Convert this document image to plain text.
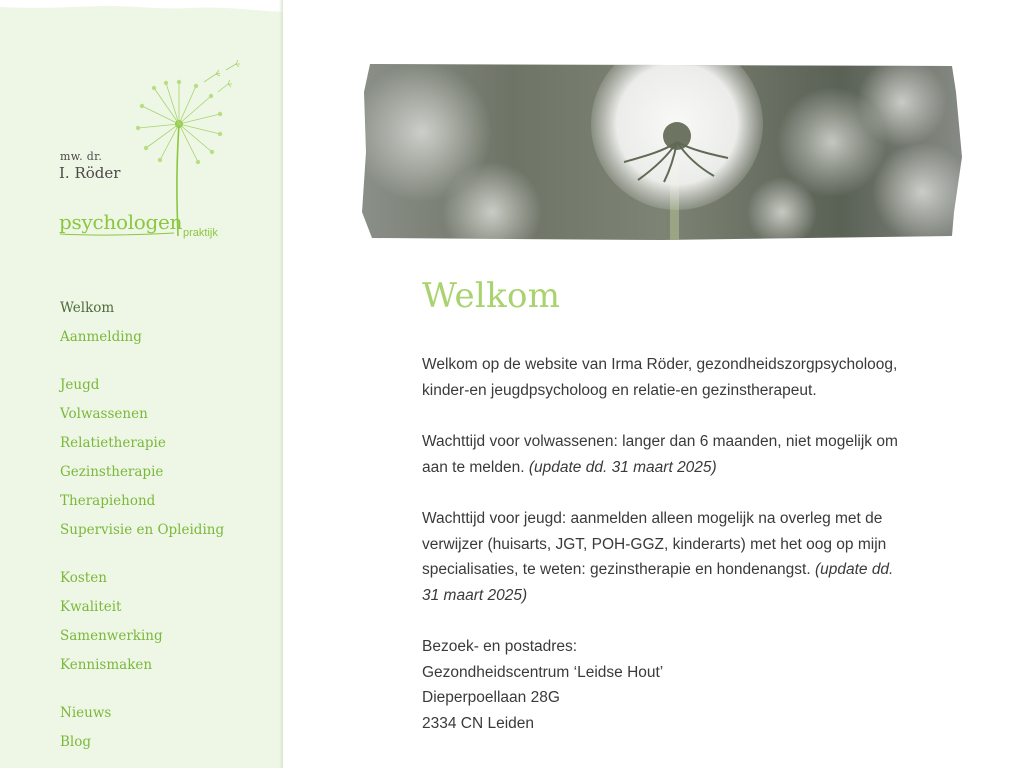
mw. dr.
I. Röder
psychologen praktijk
Welkom
Aanmelding
Jeugd
Volwassenen
Relatietherapie
Gezinstherapie
Therapiehond
Supervisie en Opleiding
Kosten
Kwaliteit
Samenwerking
Kennismaken
Nieuws
Blog
Welkom

Welkom op de website van Irma Röder, gezondheidszorgpsycholoog, kinder-en jeugdpsycholoog en relatie-en gezinstherapeut.

Wachttijd voor volwassenen: langer dan 6 maanden, niet mogelijk om aan te melden. (update dd. 31 maart 2025)

Wachttijd voor jeugd: aanmelden alleen mogelijk na overleg met de verwijzer (huisarts, JGT, POH-GGZ, kinderarts) met het oog op mijn specialisaties, te weten: gezinstherapie en hondenangst. (update dd. 31 maart 2025)

Bezoek- en postadres:
Gezondheidscentrum ‘Leidse Hout’
Dieperpoellaan 28G
2334 CN Leiden
